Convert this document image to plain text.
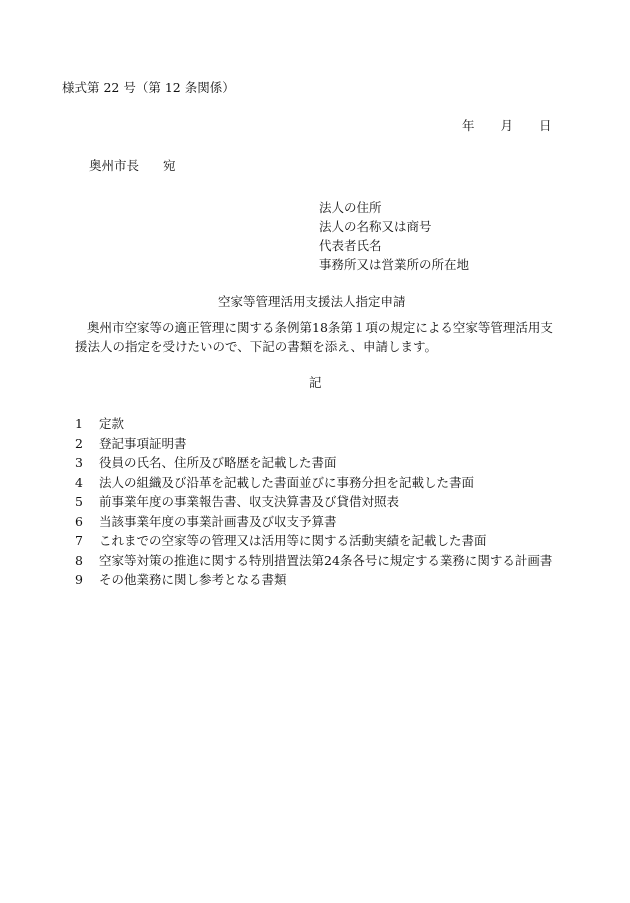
様式第 22 号（第 12 条関係）
年 月 日
奥州市長 宛
法人の住所
法人の名称又は商号
代表者氏名
事務所又は営業所の所在地
空家等管理活用支援法人指定申請
奥州市空家等の適正管理に関する条例第18条第１項の規定による空家等管理活用支
援法人の指定を受けたいので、下記の書類を添え、申請します。
記
1 定款
2 登記事項証明書
3 役員の氏名、住所及び略歴を記載した書面
4 法人の組織及び沿革を記載した書面並びに事務分担を記載した書面
5 前事業年度の事業報告書、収支決算書及び貸借対照表
6 当該事業年度の事業計画書及び収支予算書
7 これまでの空家等の管理又は活用等に関する活動実績を記載した書面
8 空家等対策の推進に関する特別措置法第24条各号に規定する業務に関する計画書
9 その他業務に関し参考となる書類
